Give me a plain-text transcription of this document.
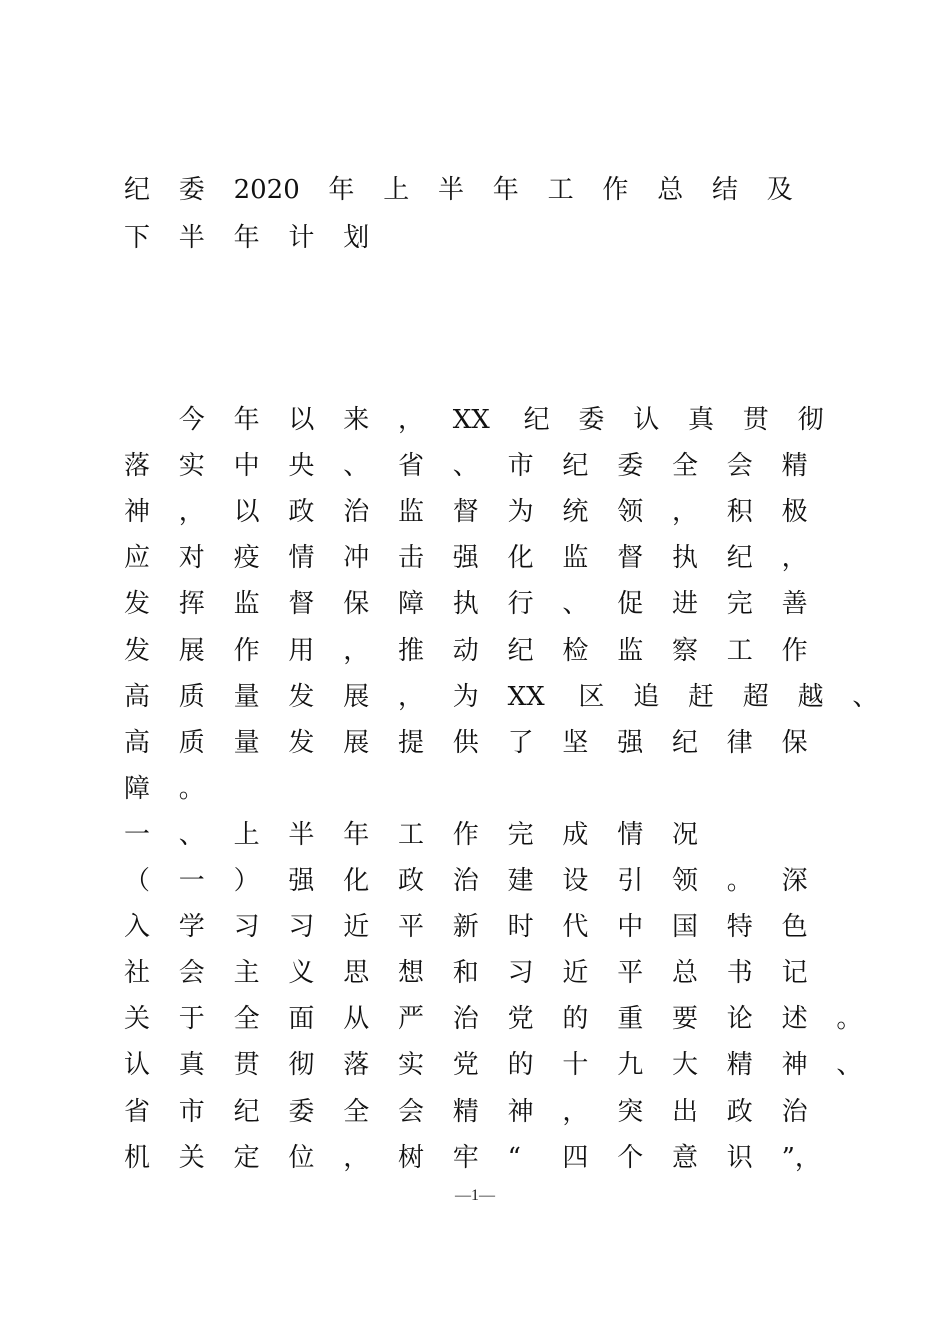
纪 委 2020 年 上 半 年 工 作 总 结 及
下 半 年 计 划
今 年 以 来 ， XX 纪 委 认 真 贯 彻
落 实 中 央 、 省 、 市 纪 委 全 会 精
神 ， 以 政 治 监 督 为 统 领 ， 积 极
应 对 疫 情 冲 击 强 化 监 督 执 纪 ，
发 挥 监 督 保 障 执 行 、 促 进 完 善
发 展 作 用 ， 推 动 纪 检 监 察 工 作
高 质 量 发 展 ， 为 XX 区 追 赶 超 越 、
高 质 量 发 展 提 供 了 坚 强 纪 律 保
障 。
一 、 上 半 年 工 作 完 成 情 况
（ 一 ） 强 化 政 治 建 设 引 领 。 深
入 学 习 习 近 平 新 时 代 中 国 特 色
社 会 主 义 思 想 和 习 近 平 总 书 记
关 于 全 面 从 严 治 党 的 重 要 论 述 。
认 真 贯 彻 落 实 党 的 十 九 大 精 神 、
省 市 纪 委 全 会 精 神 ， 突 出 政 治
机 关 定 位 ， 树 牢 “ 四 个 意 识 ”，
—1—
